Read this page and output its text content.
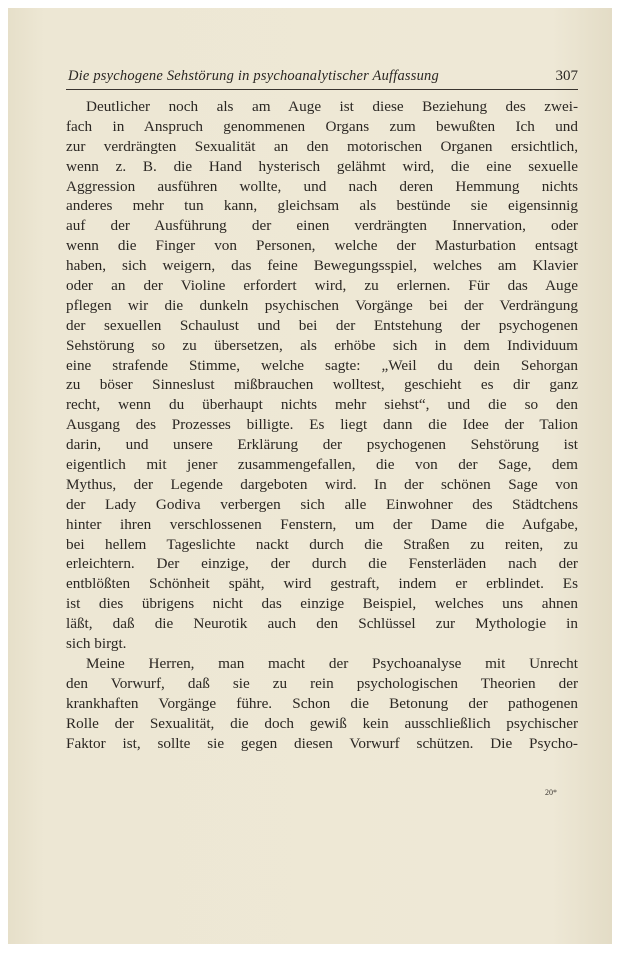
Die psychogene Sehstörung in psychoanalytischer Auffassung	307
Deutlicher noch als am Auge ist diese Beziehung des zwei-
fach in Anspruch genommenen Organs zum bewußten Ich und
zur verdrängten Sexualität an den motorischen Organen ersichtlich,
wenn z. B. die Hand hysterisch gelähmt wird, die eine sexuelle
Aggression ausführen wollte, und nach deren Hemmung nichts
anderes mehr tun kann, gleichsam als bestünde sie eigensinnig
auf der Ausführung der einen verdrängten Innervation, oder
wenn die Finger von Personen, welche der Masturbation entsagt
haben, sich weigern, das feine Bewegungsspiel, welches am Klavier
oder an der Violine erfordert wird, zu erlernen. Für das Auge
pflegen wir die dunkeln psychischen Vorgänge bei der Verdrängung
der sexuellen Schaulust und bei der Entstehung der psychogenen
Sehstörung so zu übersetzen, als erhöbe sich in dem Individuum
eine strafende Stimme, welche sagte: „Weil du dein Sehorgan
zu böser Sinneslust mißbrauchen wolltest, geschieht es dir ganz
recht, wenn du überhaupt nichts mehr siehst“, und die so den
Ausgang des Prozesses billigte. Es liegt dann die Idee der Talion
darin, und unsere Erklärung der psychogenen Sehstörung ist
eigentlich mit jener zusammengefallen, die von der Sage, dem
Mythus, der Legende dargeboten wird. In der schönen Sage von
der Lady Godiva verbergen sich alle Einwohner des Städtchens
hinter ihren verschlossenen Fenstern, um der Dame die Aufgabe,
bei hellem Tageslichte nackt durch die Straßen zu reiten, zu
erleichtern. Der einzige, der durch die Fensterläden nach der
entblößten Schönheit späht, wird gestraft, indem er erblindet. Es
ist dies übrigens nicht das einzige Beispiel, welches uns ahnen
läßt, daß die Neurotik auch den Schlüssel zur Mythologie in
sich birgt.
Meine Herren, man macht der Psychoanalyse mit Unrecht
den Vorwurf, daß sie zu rein psychologischen Theorien der
krankhaften Vorgänge führe. Schon die Betonung der pathogenen
Rolle der Sexualität, die doch gewiß kein ausschließlich psychischer
Faktor ist, sollte sie gegen diesen Vorwurf schützen. Die Psycho-
20*
